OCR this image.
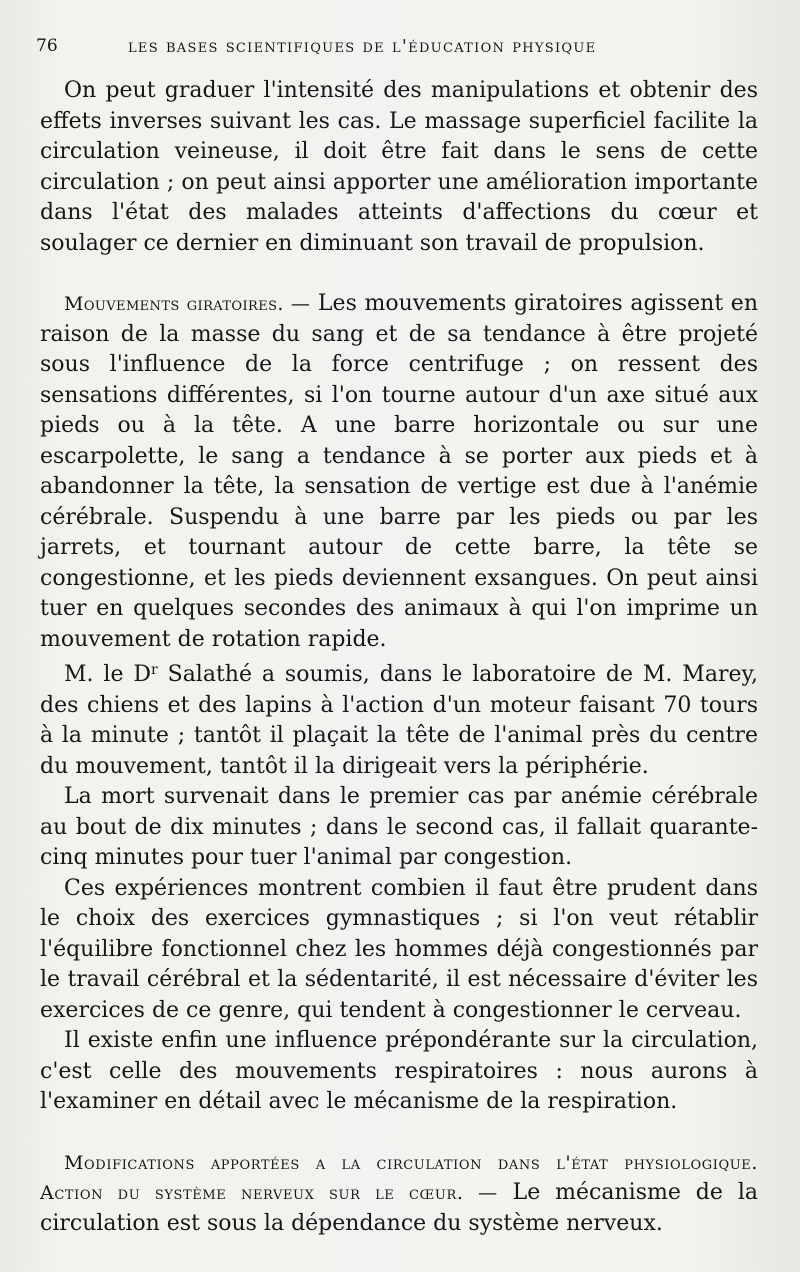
76	les bases scientifiques de l'éducation physique

On peut graduer l'intensité des manipulations et obtenir des effets inverses suivant les cas. Le massage superficiel facilite la circulation veineuse, il doit être fait dans le sens de cette circulation ; on peut ainsi apporter une amélioration importante dans l'état des malades atteints d'affections du cœur et soulager ce dernier en diminuant son travail de propulsion.

Mouvements giratoires. — Les mouvements giratoires agissent en raison de la masse du sang et de sa tendance à être projeté sous l'influence de la force centrifuge ; on ressent des sensations différentes, si l'on tourne autour d'un axe situé aux pieds ou à la tête. A une barre horizontale ou sur une escarpolette, le sang a tendance à se porter aux pieds et à abandonner la tête, la sensation de vertige est due à l'anémie cérébrale. Suspendu à une barre par les pieds ou par les jarrets, et tournant autour de cette barre, la tête se congestionne, et les pieds deviennent exsangues. On peut ainsi tuer en quelques secondes des animaux à qui l'on imprime un mouvement de rotation rapide.

M. le $D^r$ Salathé a soumis, dans le laboratoire de M. Marey, des chiens et des lapins à l'action d'un moteur faisant 70 tours à la minute ; tantôt il plaçait la tête de l'animal près du centre du mouvement, tantôt il la dirigeait vers la périphérie.

La mort survenait dans le premier cas par anémie cérébrale au bout de dix minutes ; dans le second cas, il fallait quarante-cinq minutes pour tuer l'animal par congestion.

Ces expériences montrent combien il faut être prudent dans le choix des exercices gymnastiques ; si l'on veut rétablir l'équilibre fonctionnel chez les hommes déjà congestionnés par le travail cérébral et la sédentarité, il est nécessaire d'éviter les exercices de ce genre, qui tendent à congestionner le cerveau.

Il existe enfin une influence prépondérante sur la circulation, c'est celle des mouvements respiratoires : nous aurons à l'examiner en détail avec le mécanisme de la respiration.

Modifications apportées a la circulation dans l'état physiologique. Action du système nerveux sur le cœur. — Le mécanisme de la circulation est sous la dépendance du système nerveux.
